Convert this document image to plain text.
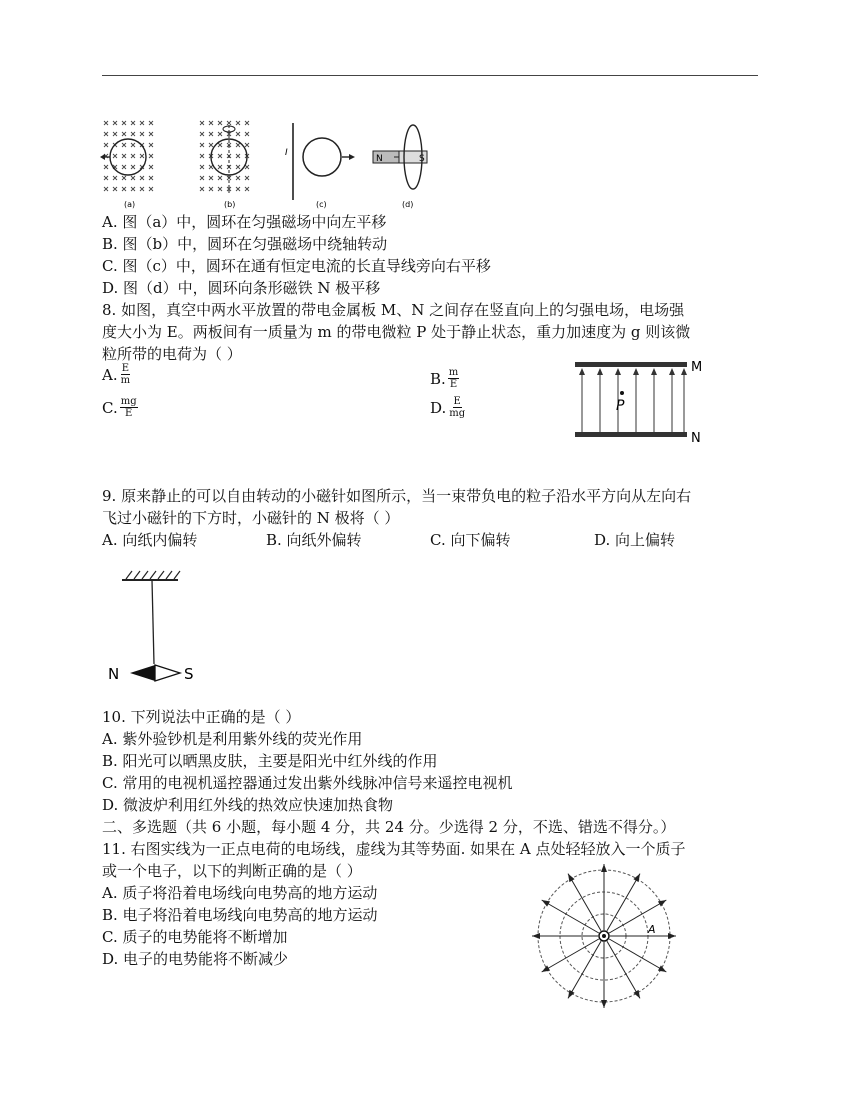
I
N	S
(a)	(b)	(c)	(d)
A. 图（a）中，圆环在匀强磁场中向左平移
B. 图（b）中，圆环在匀强磁场中绕轴转动
C. 图（c）中，圆环在通有恒定电流的长直导线旁向右平移
D. 图（d）中，圆环向条形磁铁 N 极平移
8. 如图，真空中两水平放置的带电金属板 M、N 之间存在竖直向上的匀强电场，电场强
度大小为 E。两板间有一质量为 m 的带电微粒 P 处于静止状态，重力加速度为 g 则该微
粒所带的电荷为（ ）
A. $\frac{E}{m}$	B. $\frac{m}{E}$
C. $\frac{mg}{E}$	D. $\frac{E}{mg}$	P
M
N
9. 原来静止的可以自由转动的小磁针如图所示，当一束带负电的粒子沿水平方向从左向右
飞过小磁针的下方时，小磁针的 N 极将（ ）
A. 向纸内偏转	B. 向纸外偏转	C. 向下偏转	D. 向上偏转
N	S
10. 下列说法中正确的是（ ）
A. 紫外验钞机是利用紫外线的荧光作用
B. 阳光可以晒黑皮肤，主要是阳光中红外线的作用
C. 常用的电视机遥控器通过发出紫外线脉冲信号来遥控电视机
D. 微波炉利用红外线的热效应快速加热食物
二、多选题（共 6 小题，每小题 4 分，共 24 分。少选得 2 分，不选、错选不得分。）
11. 右图实线为一正点电荷的电场线，虚线为其等势面. 如果在 A 点处轻轻放入一个质子
或一个电子，以下的判断正确的是（ ）
A. 质子将沿着电场线向电势高的地方运动
B. 电子将沿着电场线向电势高的地方运动
C. 质子的电势能将不断增加
D. 电子的电势能将不断减少
A
